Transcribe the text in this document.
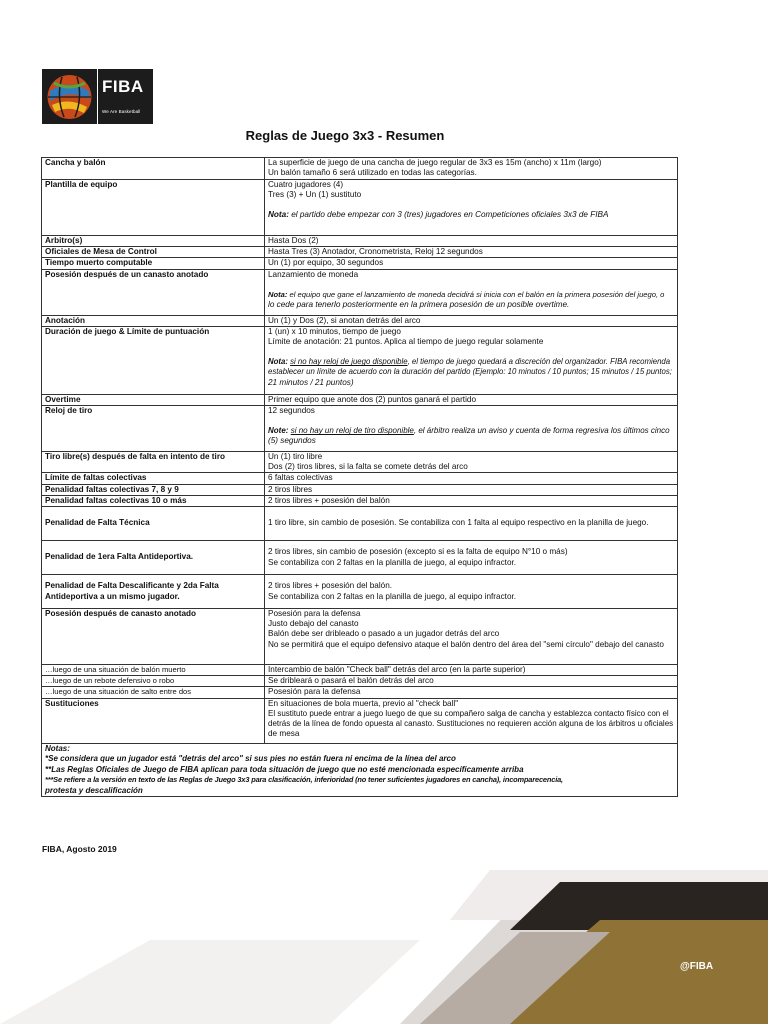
FIBA
We Are Basketball
Reglas de Juego 3x3 - Resumen
Cancha y balón	La superficie de juego de una cancha de juego regular de 3x3 es 15m (ancho) x 11m (largo)
Un balón tamaño 6 será utilizado en todas las categorías.

Plantilla de equipo	Cuatro jugadores (4)
Tres (3) + Un (1) sustituto
Nota: el partido debe empezar con 3 (tres) jugadores en Competiciones oficiales 3x3 de FIBA

Arbitro(s)	Hasta Dos (2)

Oficiales de Mesa de Control	Hasta Tres (3) Anotador, Cronometrista, Reloj 12 segundos

Tiempo muerto computable	Un (1) por equipo, 30 segundos

Posesión después de un canasto anotado	Lanzamiento de moneda
Nota: el equipo que gane el lanzamiento de moneda decidirá si inicia con el balón en la primera posesión del juego, o
lo cede para tenerlo posteriormente en la primera posesión de un posible overtime.

Anotación	Un (1) y Dos (2), si anotan detrás del arco

Duración de juego & Límite de puntuación	1 (un) x 10 minutos, tiempo de juego
Límite de anotación: 21 puntos. Aplica al tiempo de juego regular solamente
Nota: si no hay reloj de juego disponible, el tiempo de juego quedará a discreción del organizador. FIBA recomienda
establecer un límite de acuerdo con la duración del partido (Ejemplo: 10 minutos / 10 puntos; 15 minutos / 15 puntos;
21 minutos / 21 puntos)

Overtime	Primer equipo que anote dos (2) puntos ganará el partido

Reloj de tiro	12 segundos
Note: si no hay un reloj de tiro disponible, el árbitro realiza un aviso y cuenta de forma regresiva los últimos cinco
(5) segundos

Tiro libre(s) después de falta en intento de tiro	Un (1) tiro libre
Dos (2) tiros libres, si la falta se comete detrás del arco

Límite de faltas colectivas	6 faltas colectivas

Penalidad faltas colectivas 7, 8 y 9	2 tiros libres

Penalidad faltas colectivas 10 o más	2 tiros libres + posesión del balón

Penalidad de Falta Técnica	1 tiro libre, sin cambio de posesión. Se contabiliza con 1 falta al equipo respectivo en la planilla de juego.

Penalidad de 1era Falta Antideportiva.	2 tiros libres, sin cambio de posesión (excepto si es la falta de equipo N°10 o más)
Se contabiliza con 2 faltas en la planilla de juego, al equipo infractor.

Penalidad de Falta Descalificante y 2da Falta Antideportiva a un mismo jugador.	2 tiros libres + posesión del balón.
Se contabiliza con 2 faltas en la planilla de juego, al equipo infractor.

Posesión después de canasto anotado	Posesión para la defensa
Justo debajo del canasto
Balón debe ser dribleado o pasado a un jugador detrás del arco
No se permitirá que el equipo defensivo ataque el balón dentro del área del "semi círculo" debajo del canasto

…luego de una situación de balón muerto	Intercambio de balón "Check ball" detrás del arco (en la parte superior)

…luego de un rebote defensivo o robo	Se dribleará o pasará el balón detrás del arco

…luego de una situación de salto entre dos	Posesión para la defensa

Sustituciones	En situaciones de bola muerta, previo al "check ball"
El sustituto puede entrar a juego luego de que su compañero salga de cancha y establezca contacto físico con el
detrás de la línea de fondo opuesta al canasto. Sustituciones no requieren acción alguna de los árbitros u oficiales
de mesa

Notas:
*Se considera que un jugador está "detrás del arco" si sus pies no están fuera ni encima de la línea del arco
**Las Reglas Oficiales de Juego de FIBA aplican para toda situación de juego que no esté mencionada específicamente arriba
***Se refiere a la versión en texto de las Reglas de Juego 3x3 para clasificación, inferioridad (no tener suficientes jugadores en cancha), incomparecencia,
protesta y descalificación	
FIBA, Agosto 2019
@FIBA
